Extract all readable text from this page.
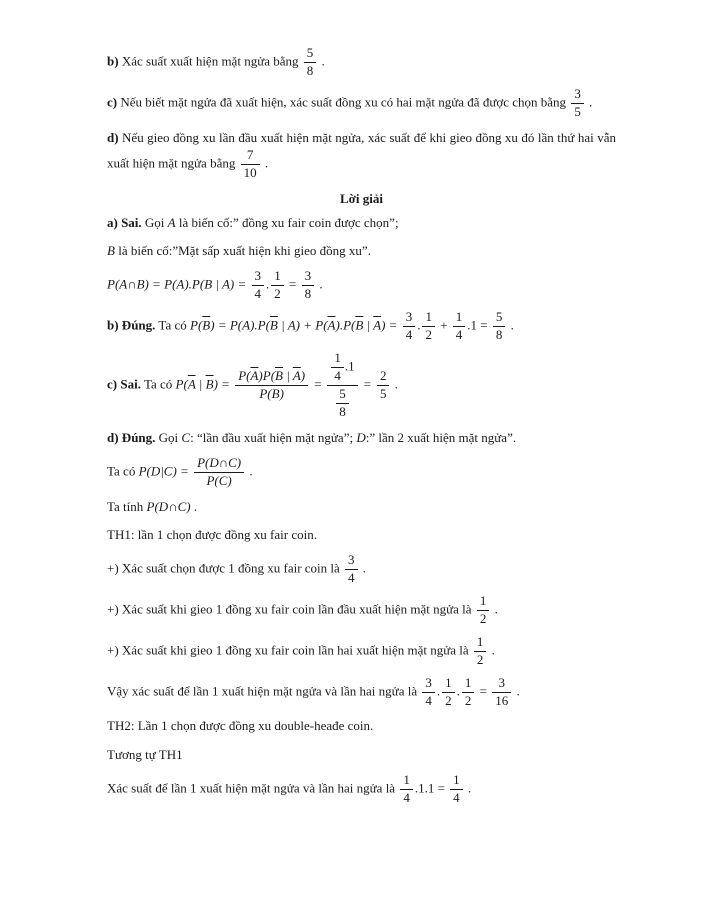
b) Xác suất xuất hiện mặt ngửa bằng $\frac{5}{8}$ .
c) Nếu biết mặt ngửa đã xuất hiện, xác suất đồng xu có hai mặt ngửa đã được chọn bằng $\frac{3}{5}$ .
d) Nếu gieo đồng xu lần đầu xuất hiện mặt ngửa, xác suất để khi gieo đồng xu đó lần thứ hai vẫn xuất hiện mặt ngửa bằng $\frac{7}{10}$ .
Lời giải
a) Sai. Gọi A là biến cố:” đồng xu fair coin được chọn”;
B là biến cố:”Mặt sấp xuất hiện khi gieo đồng xu”.
P(A∩B) = P(A).P(B | $A) = \frac{3}{4}$ . $\frac{1}{2} = \frac{3}{8}$ .
b) Đúng. Ta có $P(\overline{B}) = P(A).P(\overline{B}$ | $A) + P(\overline{A}).P(\overline{B}$ | $\overline{A}) = \frac{3}{4}$ . $\frac{1}{2} + \frac{1}{4} .1 = \frac{5}{8}$ .
c) Sai. Ta có $P(\overline{A}$ | $\overline{B}) = \frac{P(\overline{A})P(\overline{B} | \overline{A})}{P(\overline{B})} = \frac{\frac{1}{4} .1}{\frac{5}{8}} = \frac{2}{5}$ .
d) Đúng. Gọi C: “lần đầu xuất hiện mặt ngửa”; D:” lần 2 xuất hiện mặt ngửa”.
Ta có $P(D|C) = \frac{P(D\cap C)}{P(C)}$ .
Ta tính P(D∩C) .
TH1: lần 1 chọn được đồng xu fair coin.
+) Xác suất chọn được 1 đồng xu fair coin là $\frac{3}{4}$ .
+) Xác suất khi gieo 1 đồng xu fair coin lần đầu xuất hiện mặt ngửa là $\frac{1}{2}$ .
+) Xác suất khi gieo 1 đồng xu fair coin lần hai xuất hiện mặt ngửa là $\frac{1}{2}$ .
Vậy xác suất để lần 1 xuất hiện mặt ngửa và lần hai ngửa là $\frac{3}{4}$ . $\frac{1}{2}$ . $\frac{1}{2} = \frac{3}{16}$ .
TH2: Lần 1 chọn được đồng xu double-heađe coin.
Tương tự TH1
Xác suất để lần 1 xuất hiện mặt ngửa và lần hai ngửa là $\frac{1}{4} .1.1 = \frac{1}{4}$ .
